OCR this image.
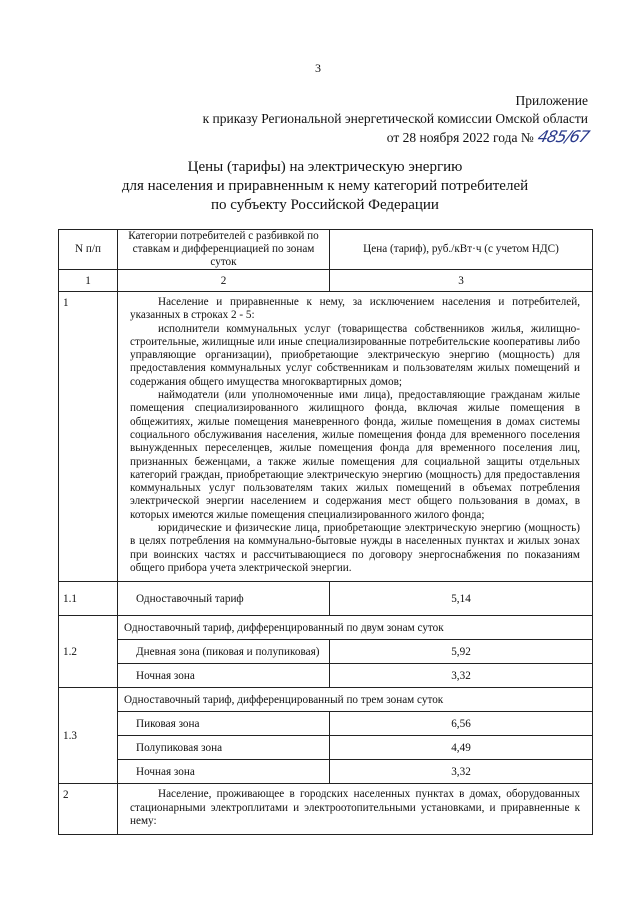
3
Приложение
к приказу Региональной энергетической комиссии Омской области
от 28 ноября 2022 года № 485/67
Цены (тарифы) на электрическую энергию
для населения и приравненным к нему категорий потребителей
по субъекту Российской Федерации
N п/п	Категории потребителей с разбивкой по ставкам и дифференциацией по зонам суток	Цена (тариф), руб./кВт·ч (с учетом НДС)
1	2	3
1	Население и приравненные к нему, за исключением населения и потребителей, указанных в строках 2 - 5:

исполнители коммунальных услуг (товарищества собственников жилья, жилищно-строительные, жилищные или иные специализированные потребительские кооперативы либо управляющие организации), приобретающие электрическую энергию (мощность) для предоставления коммунальных услуг собственникам и пользователям жилых помещений и содержания общего имущества многоквартирных домов;

наймодатели (или уполномоченные ими лица), предоставляющие гражданам жилые помещения специализированного жилищного фонда, включая жилые помещения в общежитиях, жилые помещения маневренного фонда, жилые помещения в домах системы социального обслуживания населения, жилые помещения фонда для временного поселения вынужденных переселенцев, жилые помещения фонда для временного поселения лиц, признанных беженцами, а также жилые помещения для социальной защиты отдельных категорий граждан, приобретающие электрическую энергию (мощность) для предоставления коммунальных услуг пользователям таких жилых помещений в объемах потребления электрической энергии населением и содержания мест общего пользования в домах, в которых имеются жилые помещения специализированного жилого фонда;

юридические и физические лица, приобретающие электрическую энергию (мощность) в целях потребления на коммунально-бытовые нужды в населенных пунктах и жилых зонах при воинских частях и рассчитывающиеся по договору энергоснабжения по показаниям общего прибора учета электрической энергии.	

1.1	Одноставочный тариф	5,14
1.2	Одноставочный тариф, дифференцированный по двум зонам суток	
	Дневная зона (пиковая и полупиковая)	5,92
	Ночная зона	3,32
1.3	Одноставочный тариф, дифференцированный по трем зонам суток	
	Пиковая зона	6,56
	Полупиковая зона	4,49
	Ночная зона	3,32
2	Население, проживающее в городских населенных пунктах в домах, оборудованных стационарными электроплитами и электроотопительными установками, и приравненные к нему:	
